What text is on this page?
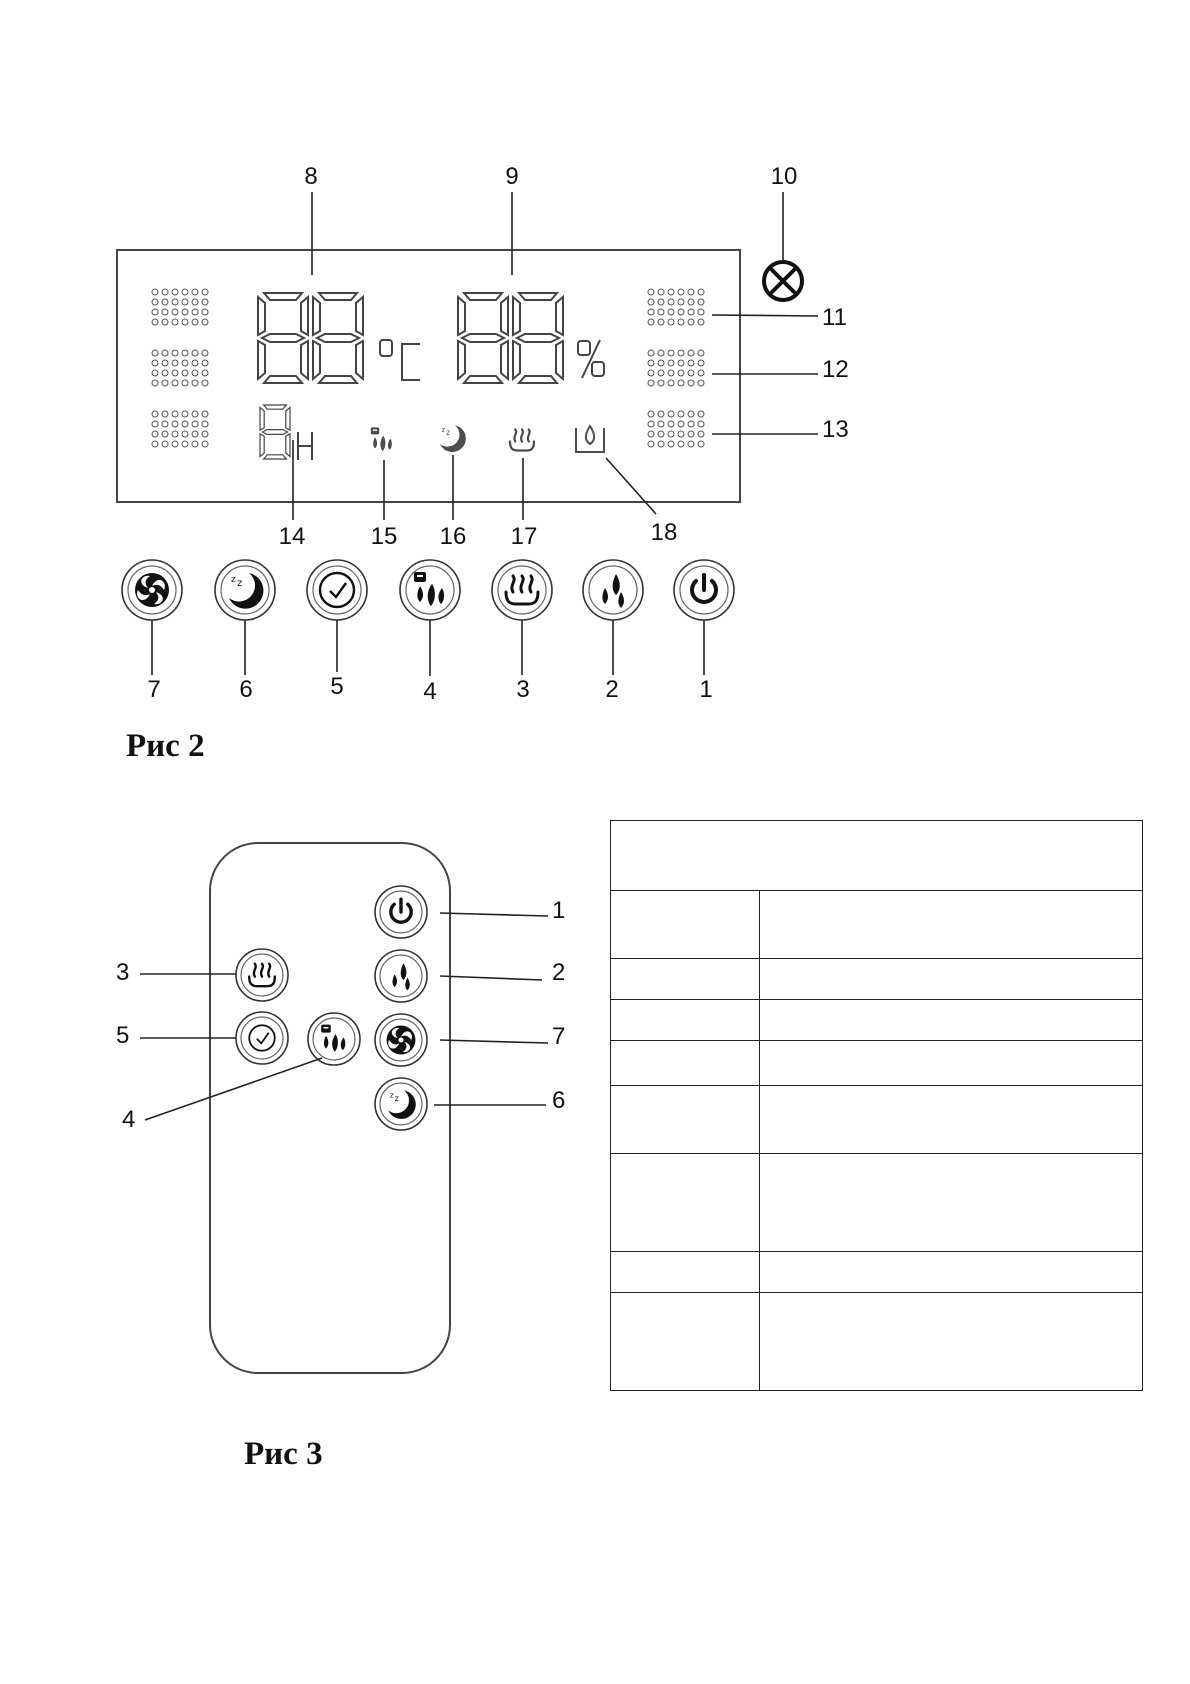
8	9	10
11
12
13
14	15 16 17	18
7	6	5	4	3	2	1
1
2
7
6
3
5
4
Рис 2
Рис 3
